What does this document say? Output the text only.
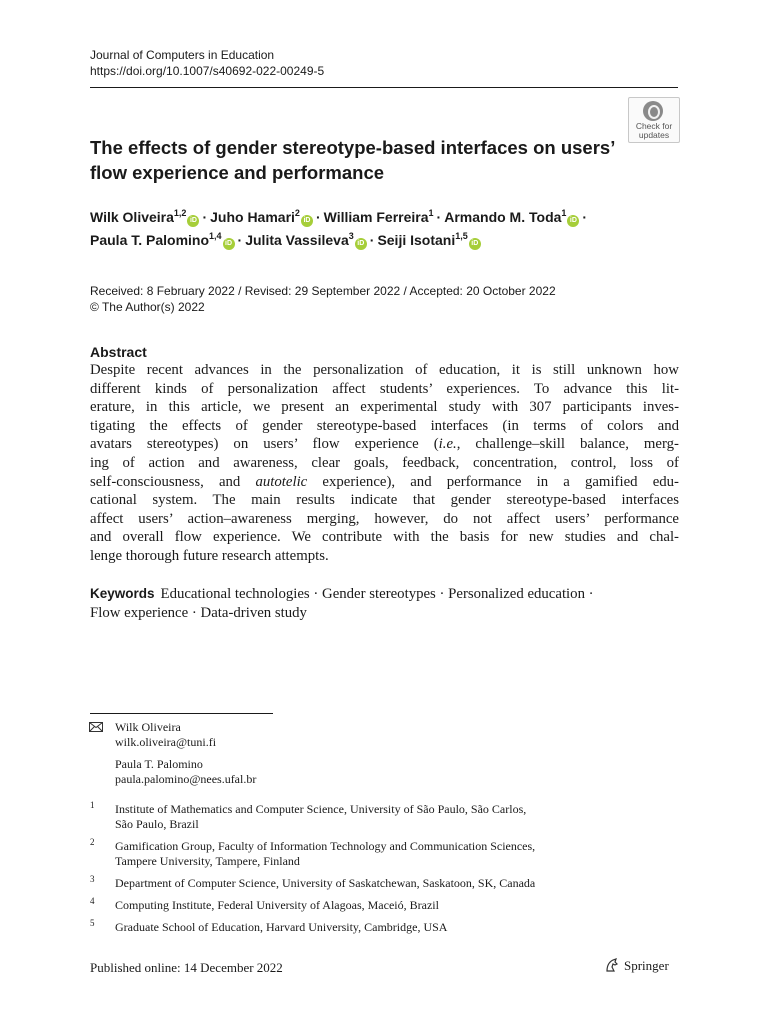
Journal of Computers in Education
https://doi.org/10.1007/s40692-022-00249-5
Check for
updates
The effects of gender stereotype-based interfaces on users’
flow experience and performance
Wilk Oliveira$^{1,2}$iD · Juho Hamari$^2$iD · William Ferreira$^1$ · Armando M. Toda$^1$iD ·
Paula T. Palomino$^{1,4}$iD · Julita Vassileva$^3$iD · Seiji Isotani$^{1,5}$iD
Received: 8 February 2022 / Revised: 29 September 2022 / Accepted: 20 October 2022
© The Author(s) 2022
Abstract
Despite recent advances in the personalization of education, it is still unknown how
different kinds of personalization affect students’ experiences. To advance this lit-
erature, in this article, we present an experimental study with 307 participants inves-
tigating the effects of gender stereotype-based interfaces (in terms of colors and
avatars stereotypes) on users’ flow experience (i.e., challenge–skill balance, merg-
ing of action and awareness, clear goals, feedback, concentration, control, loss of
self-consciousness, and autotelic experience), and performance in a gamified edu-
cational system. The main results indicate that gender stereotype-based interfaces
affect users’ action–awareness merging, however, do not affect users’ performance
and overall flow experience. We contribute with the basis for new studies and chal-
lenge thorough future research attempts.
Keywords Educational technologies · Gender stereotypes · Personalized education ·
Flow experience · Data-driven study
Wilk Oliveira
wilk.oliveira@tuni.fi
Paula T. Palomino
paula.palomino@nees.ufal.br
1 Institute of Mathematics and Computer Science, University of São Paulo, São Carlos,
São Paulo, Brazil
2 Gamification Group, Faculty of Information Technology and Communication Sciences,
Tampere University, Tampere, Finland
3 Department of Computer Science, University of Saskatchewan, Saskatoon, SK, Canada
4 Computing Institute, Federal University of Alagoas, Maceió, Brazil
5 Graduate School of Education, Harvard University, Cambridge, USA
Published online: 14 December 2022	Springer
